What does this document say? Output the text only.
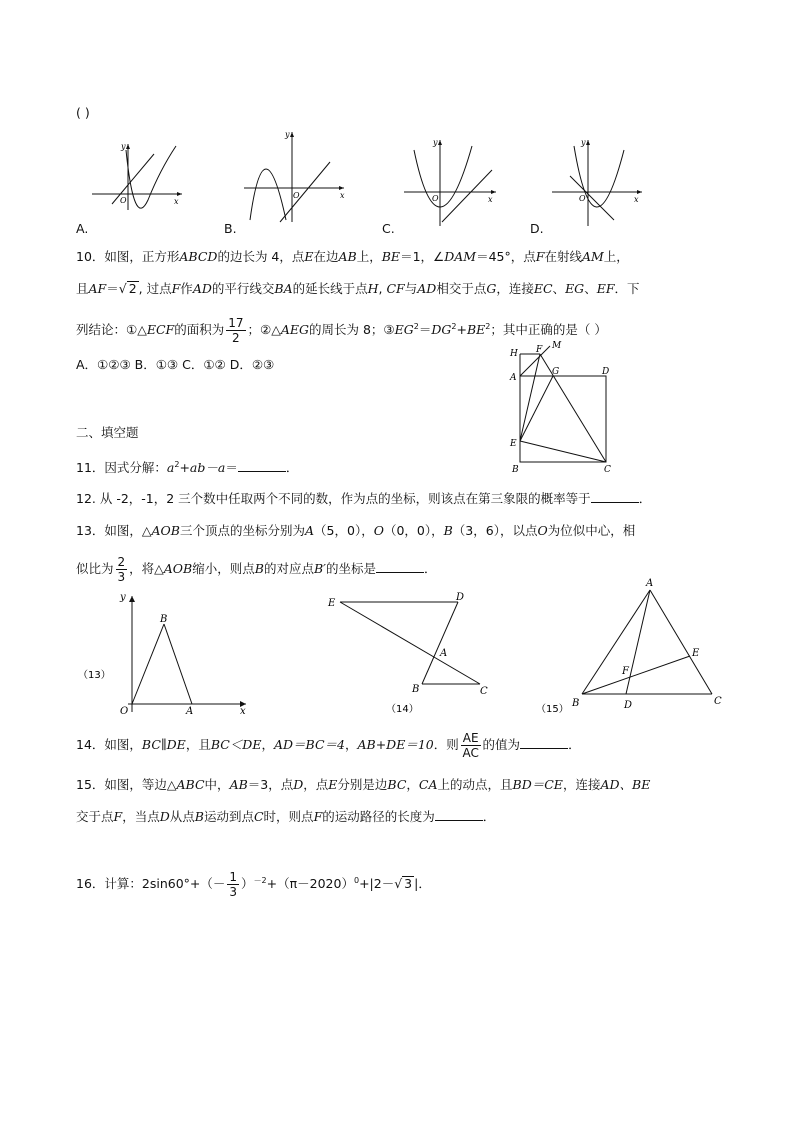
( )
x
y
O
A.
x
y
O
B.
x
y
O
C.
x
y
O
D.
10．如图，正方形ABCD的边长为 4，点E在边AB上，BE＝1，∠DAM＝45°，点F在射线AM上，
且AF＝√ 2 , 过点F作AD的平行线交BA的延长线于点H, CF与AD相交于点G，连接EC、EG、EF．下
列结论：①△ECF的面积为 $\frac{17}{2}$ ；②△AEG的周长为 8；$③EG^2=DG^2+BE^2$；其中正确的是（ ）
A．①②③ B．①③ C．①② D．②③
H F M
A
G	D
E
B	C
二、填空题
11．因式分解：$a^2+ab-a=$	．
12. 从 -2，-1，2 三个数中任取两个不同的数，作为点的坐标，则该点在第三象限的概率等于	．
13．如图，△AOB三个顶点的坐标分别为A（5，0），O（0，0），B（3，6），以点O为位似中心，相
似比为 $\frac{2}{3}$ ，将△AOB缩小，则点B的对应点B′的坐标是	．
y
x
B
O	A
（13）
E
D
A
B	C
（14）
A
E
F
B	D	C
（15）
14．如图，BC∥DE，且BC＜DE，AD＝BC＝4，AB+DE＝10．则 $\frac{AE}{AC}$ 的值为	．
15．如图，等边△ABC中，AB＝3，点D，点E分别是边BC，CA上的动点，且BD＝CE，连接AD、BE
交于点F，当点D从点B运动到点C时，则点F的运动路径的长度为	．
16．计算：$2\sin 60^\circ+(- \frac{1}{3} )^{-2}+(\pi-2020)^0+|2-√$ 3 |．
